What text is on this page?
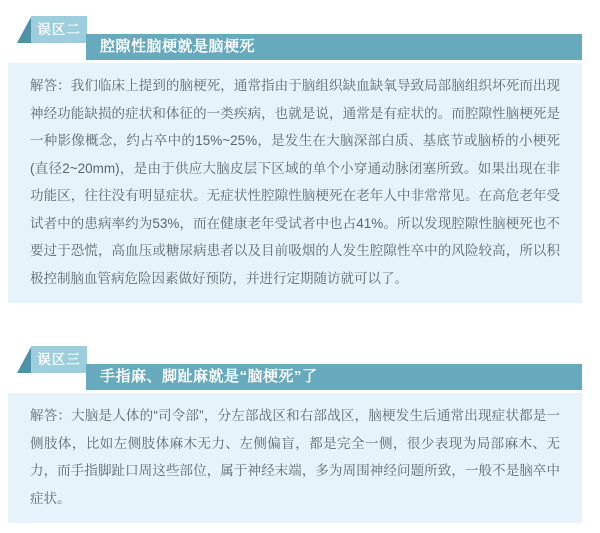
误区二
腔隙性脑梗就是脑梗死

解答：我们临床上提到的脑梗死，通常指由于脑组织缺血缺氧导致局部脑组织坏死而出现神经功能缺损的症状和体征的一类疾病，也就是说，通常是有症状的。而腔隙性脑梗死是一种影像概念，约占卒中的15%~25%，是发生在大脑深部白质、基底节或脑桥的小梗死(直径2~20mm)，是由于供应大脑皮层下区域的单个小穿通动脉闭塞所致。如果出现在非功能区，往往没有明显症状。无症状性腔隙性脑梗死在老年人中非常常见。在高危老年受试者中的患病率约为53%，而在健康老年受试者中也占41%。所以发现腔隙性脑梗死也不要过于恐慌，高血压或糖尿病患者以及目前吸烟的人发生腔隙性卒中的风险较高，所以积极控制脑血管病危险因素做好预防，并进行定期随访就可以了。

误区三
手指麻、脚趾麻就是“脑梗死”了

解答：大脑是人体的“司令部”，分左部战区和右部战区，脑梗发生后通常出现症状都是一侧肢体，比如左侧肢体麻木无力、左侧偏盲，都是完全一侧，很少表现为局部麻木、无力，而手指脚趾口周这些部位，属于神经末端，多为周围神经问题所致，一般不是脑卒中症状。
